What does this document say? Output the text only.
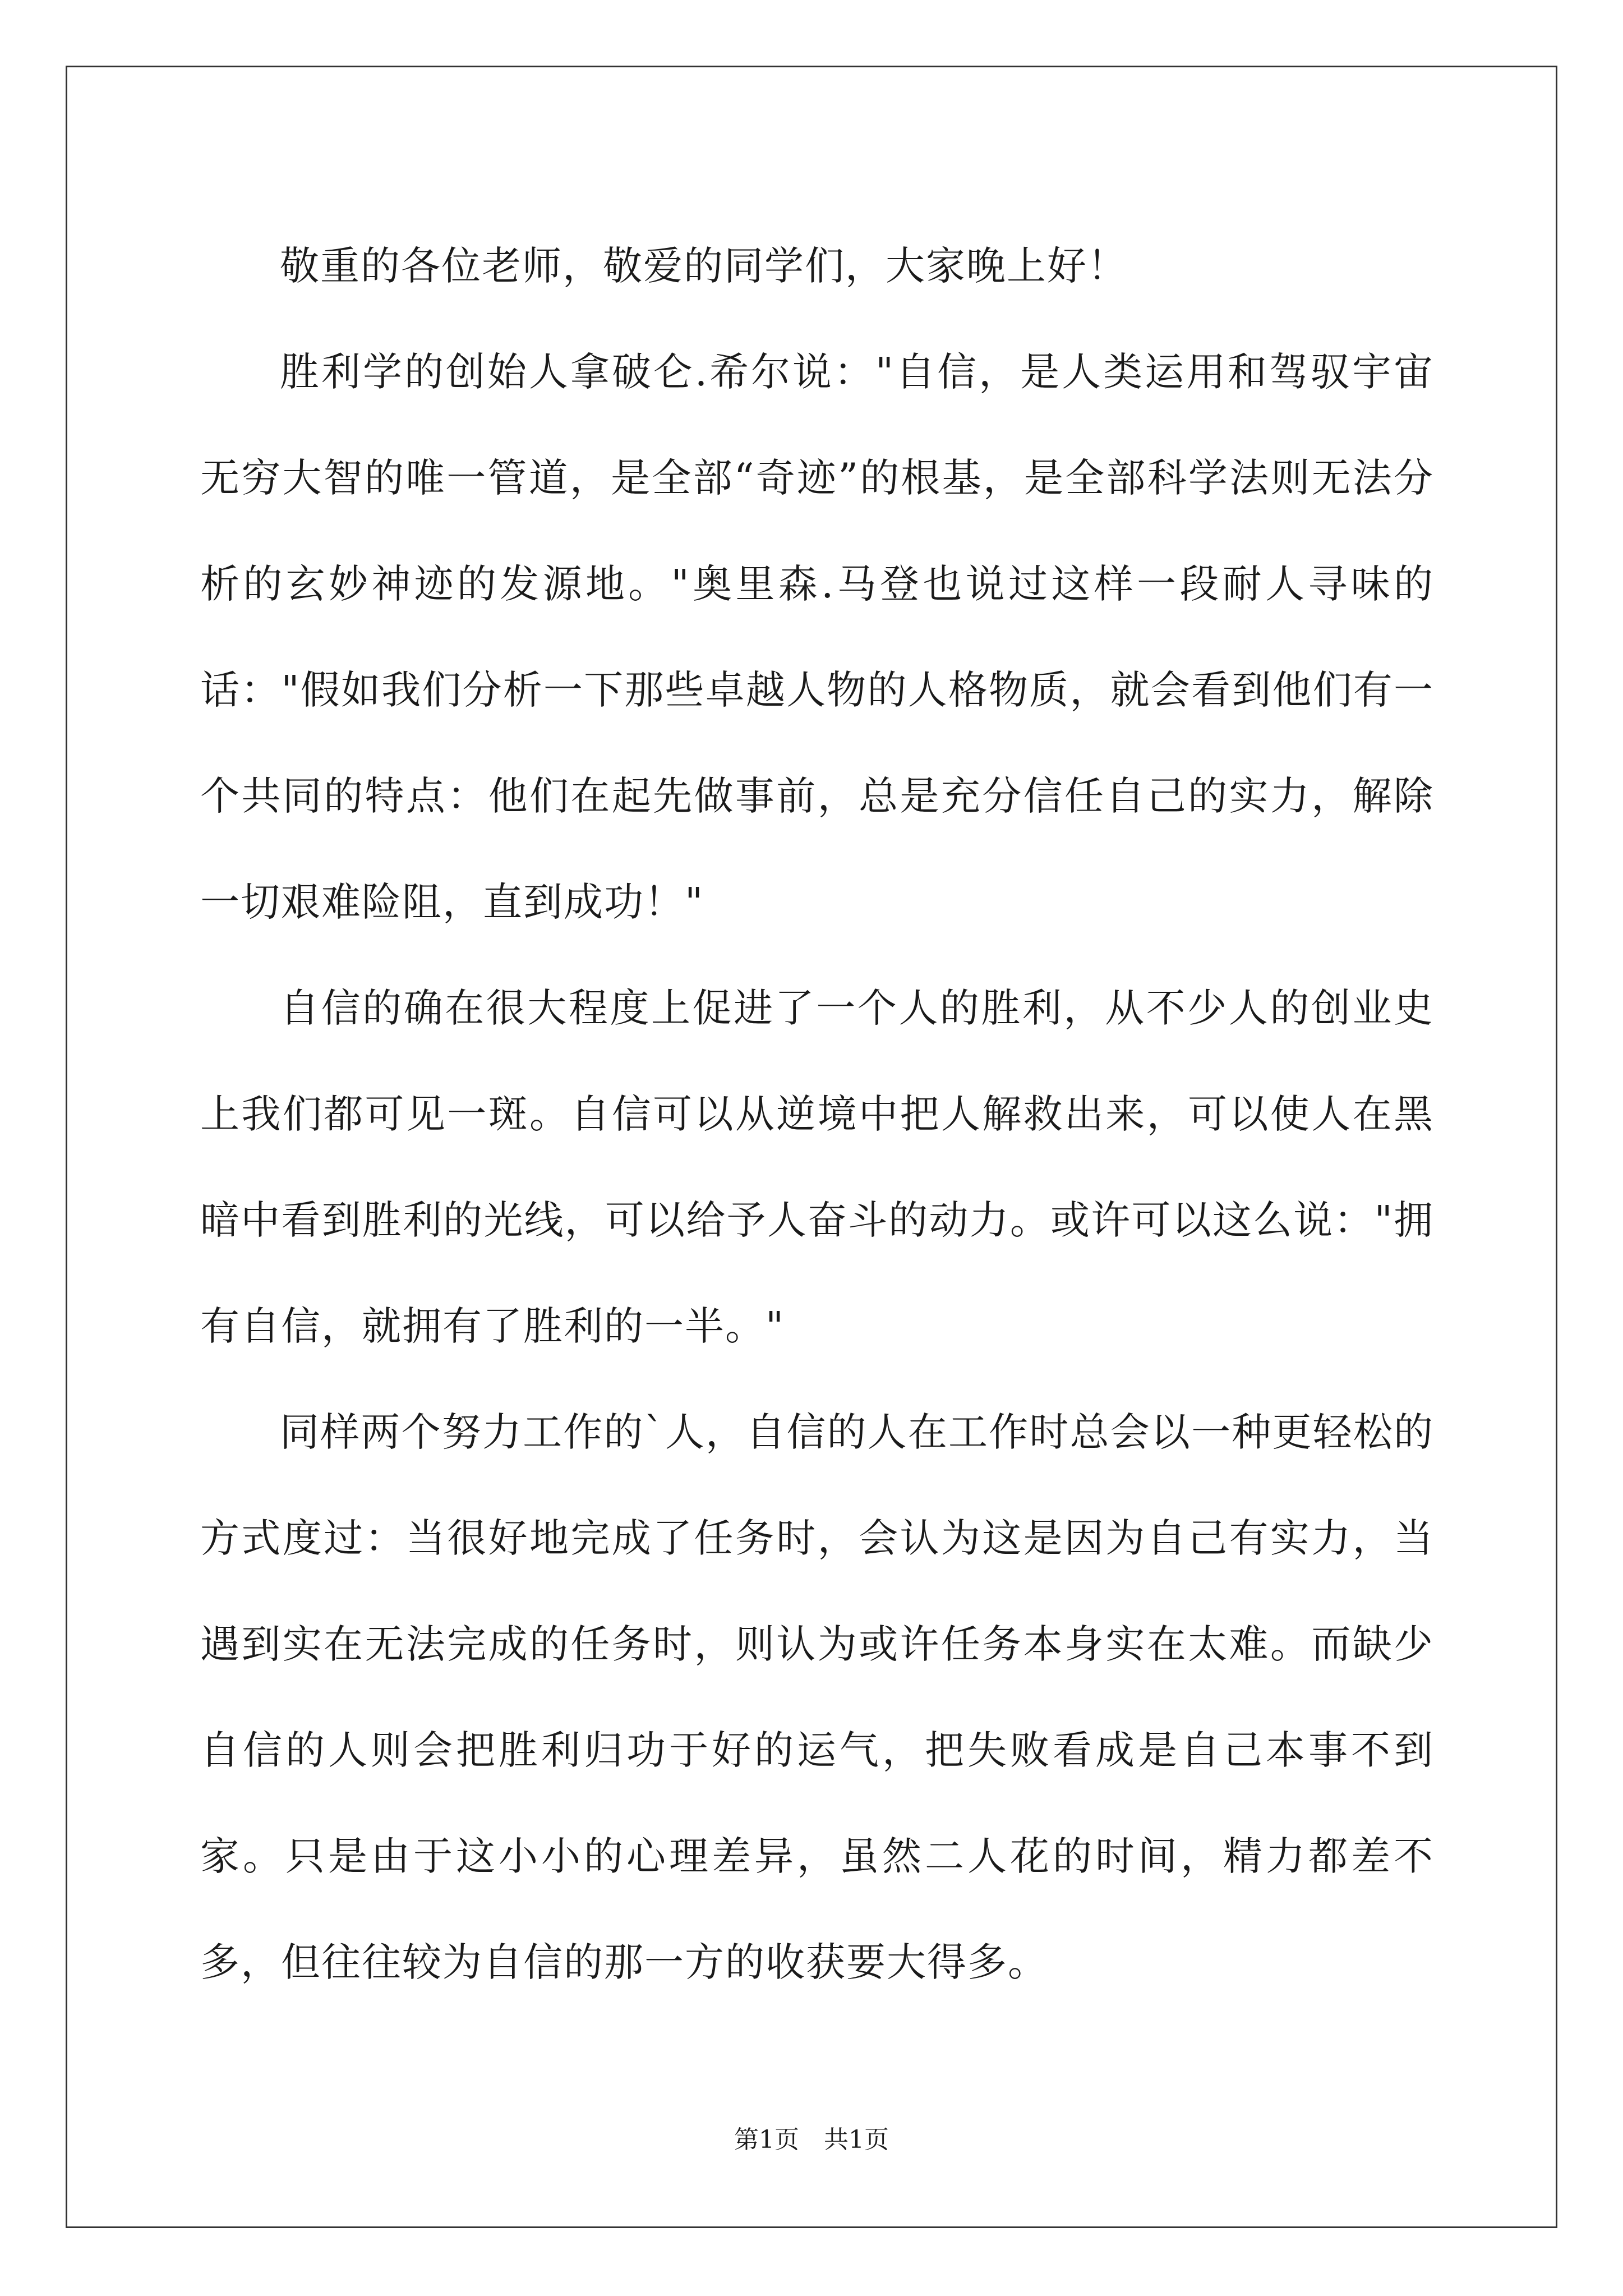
敬重的各位老师，敬爱的同学们，大家晚上好！

胜利学的创始人拿破仑.希尔说："自信，是人类运用和驾驭宇宙无穷大智的唯一管道，是全部“奇迹”的根基，是全部科学法则无法分析的玄妙神迹的发源地。"奥里森.马登也说过这样一段耐人寻味的话："假如我们分析一下那些卓越人物的人格物质，就会看到他们有一个共同的特点：他们在起先做事前，总是充分信任自己的实力，解除一切艰难险阻，直到成功！"

自信的确在很大程度上促进了一个人的胜利，从不少人的创业史上我们都可见一斑。自信可以从逆境中把人解救出来，可以使人在黑暗中看到胜利的光线，可以给予人奋斗的动力。或许可以这么说："拥有自信，就拥有了胜利的一半。"

同样两个努力工作的`人，自信的人在工作时总会以一种更轻松的方式度过：当很好地完成了任务时，会认为这是因为自己有实力，当遇到实在无法完成的任务时，则认为或许任务本身实在太难。而缺少自信的人则会把胜利归功于好的运气，把失败看成是自己本事不到家。只是由于这小小的心理差异，虽然二人花的时间，精力都差不多，但往往较为自信的那一方的收获要大得多。

第1页 共1页
